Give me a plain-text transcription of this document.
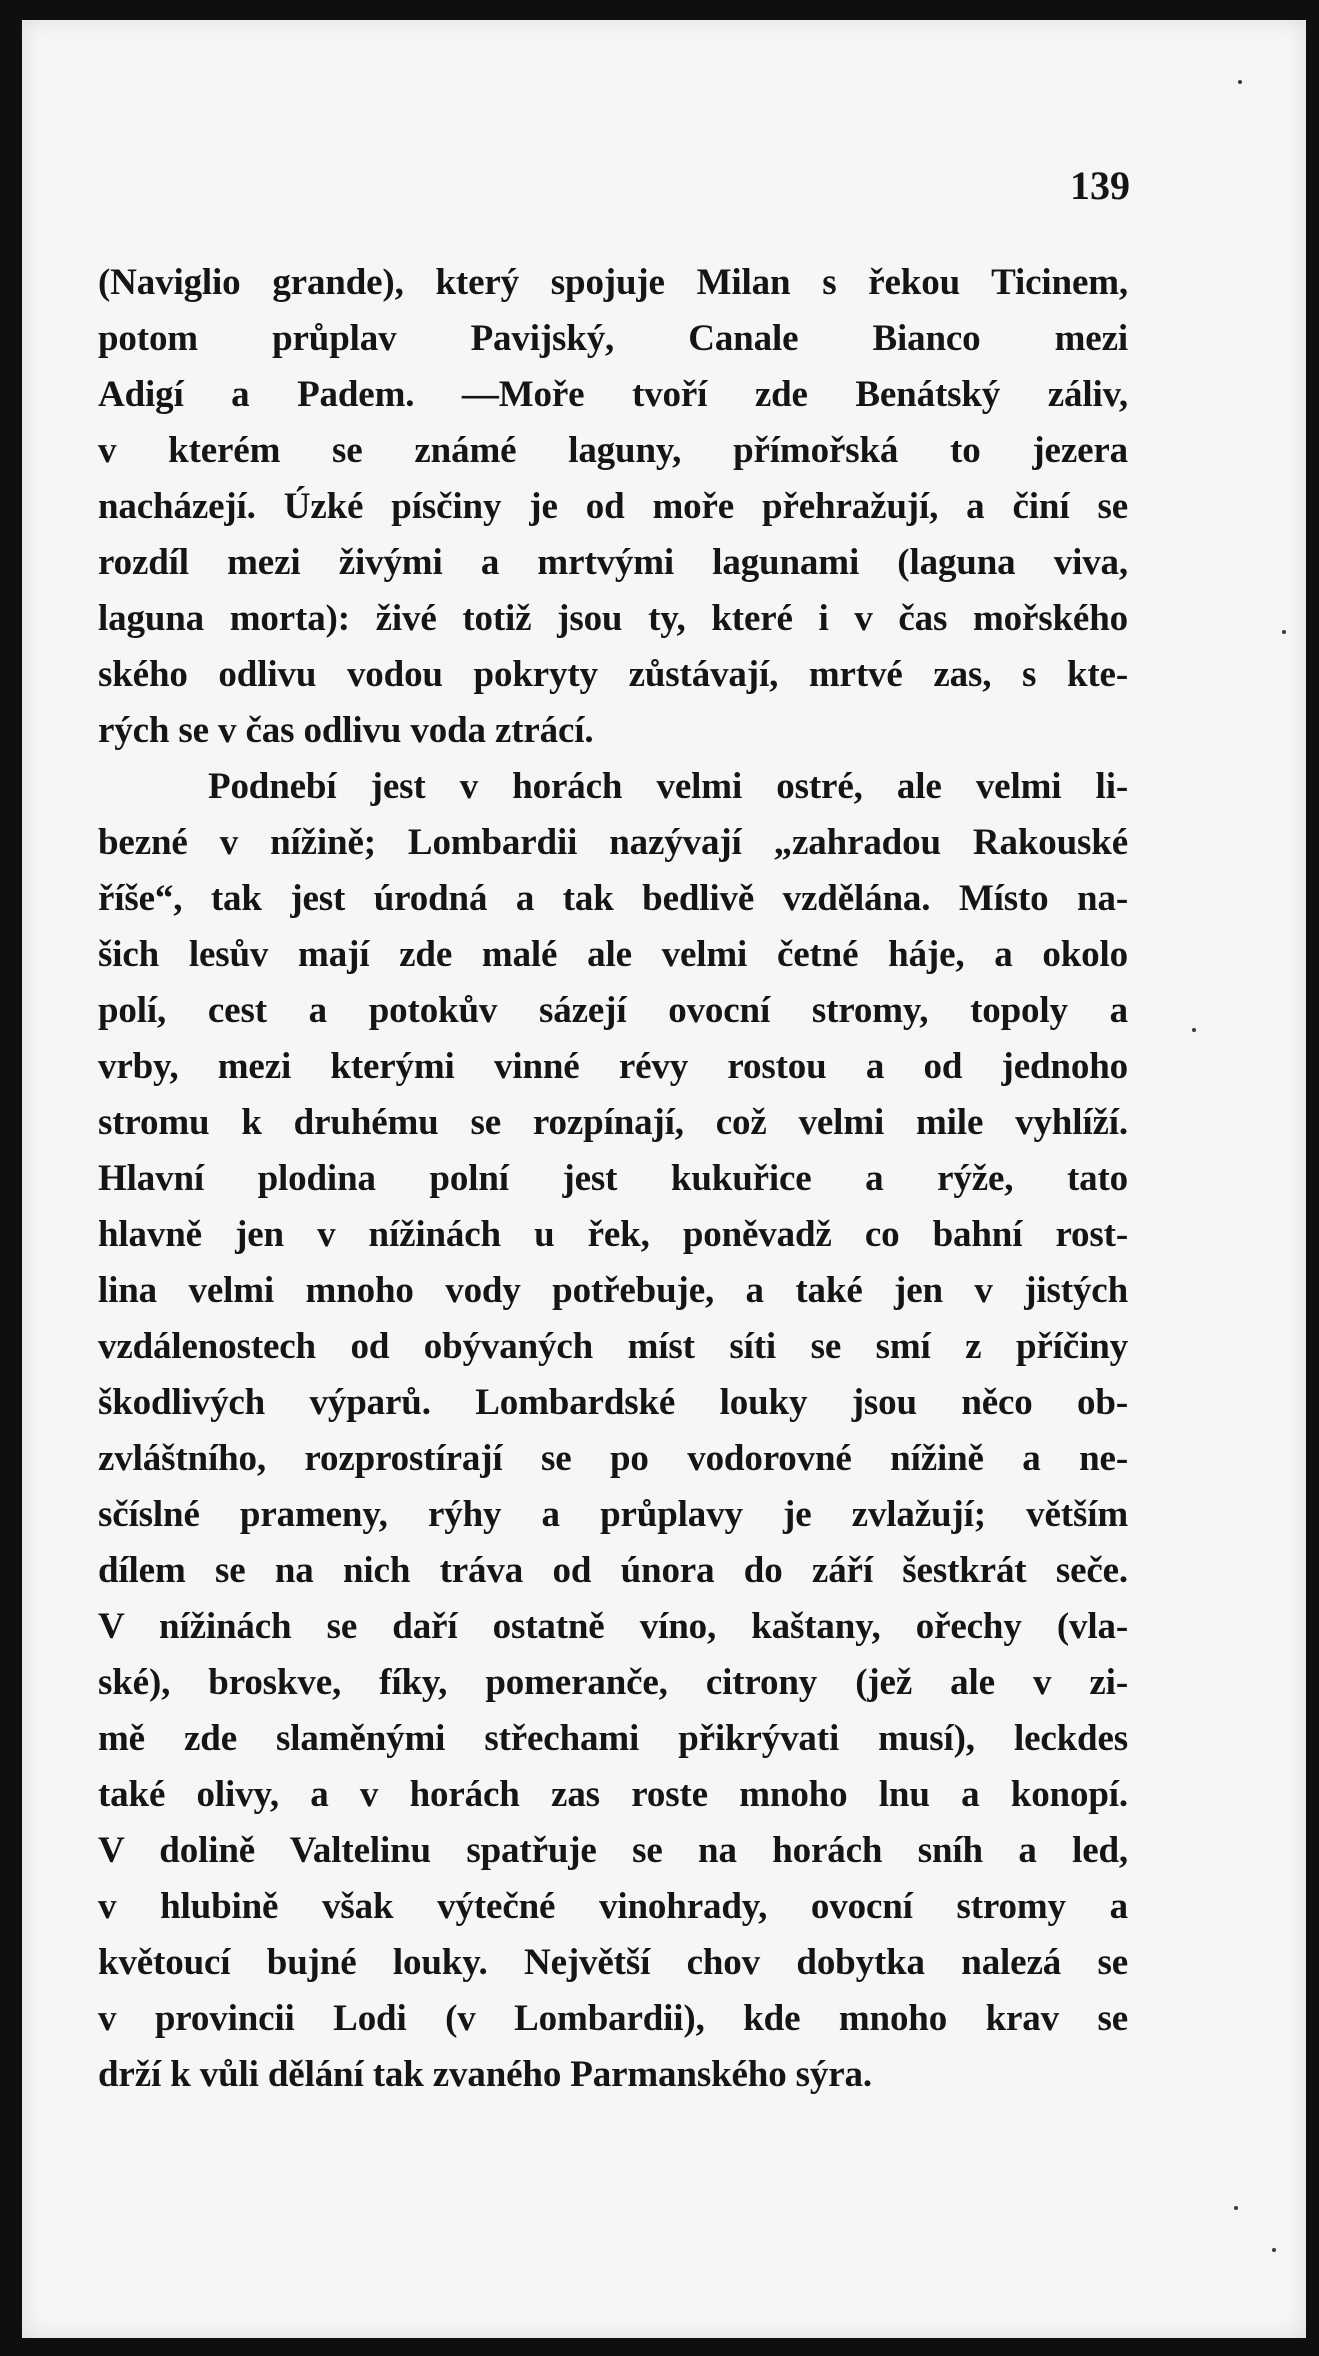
139
(Naviglio grande), který spojuje Milan s řekou Ticinem,
potom průplav Pavijský, Canale Bianco mezi
Adigí a Padem. —Moře tvoří zde Benátský záliv,
v kterém se známé laguny, přímořská to jezera
nacházejí. Úzké písčiny je od moře přehražují, a činí se
rozdíl mezi živými a mrtvými lagunami (laguna viva,
laguna morta): živé totiž jsou ty, které i v čas mořského
ského odlivu vodou pokryty zůstávají, mrtvé zas, s kte-
rých se v čas odlivu voda ztrácí.
Podnebí jest v horách velmi ostré, ale velmi li-
bezné v nížině; Lombardii nazývají „zahradou Rakouské
říše“, tak jest úrodná a tak bedlivě vzdělána. Místo na-
šich lesův mají zde malé ale velmi četné háje, a okolo
polí, cest a potokův sázejí ovocní stromy, topoly a
vrby, mezi kterými vinné révy rostou a od jednoho
stromu k druhému se rozpínají, což velmi mile vyhlíží.
Hlavní plodina polní jest kukuřice a rýže, tato
hlavně jen v nížinách u řek, poněvadž co bahní rost-
lina velmi mnoho vody potřebuje, a také jen v jistých
vzdálenostech od obývaných míst síti se smí z příčiny
škodlivých výparů. Lombardské louky jsou něco ob-
zvláštního, rozprostírají se po vodorovné nížině a ne-
sčíslné prameny, rýhy a průplavy je zvlažují; větším
dílem se na nich tráva od února do září šestkrát seče.
V nížinách se daří ostatně víno, kaštany, ořechy (vla-
ské), broskve, fíky, pomeranče, citrony (jež ale v zi-
mě zde slaměnými střechami přikrývati musí), leckdes
také olivy, a v horách zas roste mnoho lnu a konopí.
V dolině Valtelinu spatřuje se na horách sníh a led,
v hlubině však výtečné vinohrady, ovocní stromy a
květoucí bujné louky. Největší chov dobytka nalezá se
v provincii Lodi (v Lombardii), kde mnoho krav se
drží k vůli dělání tak zvaného Parmanského sýra.
